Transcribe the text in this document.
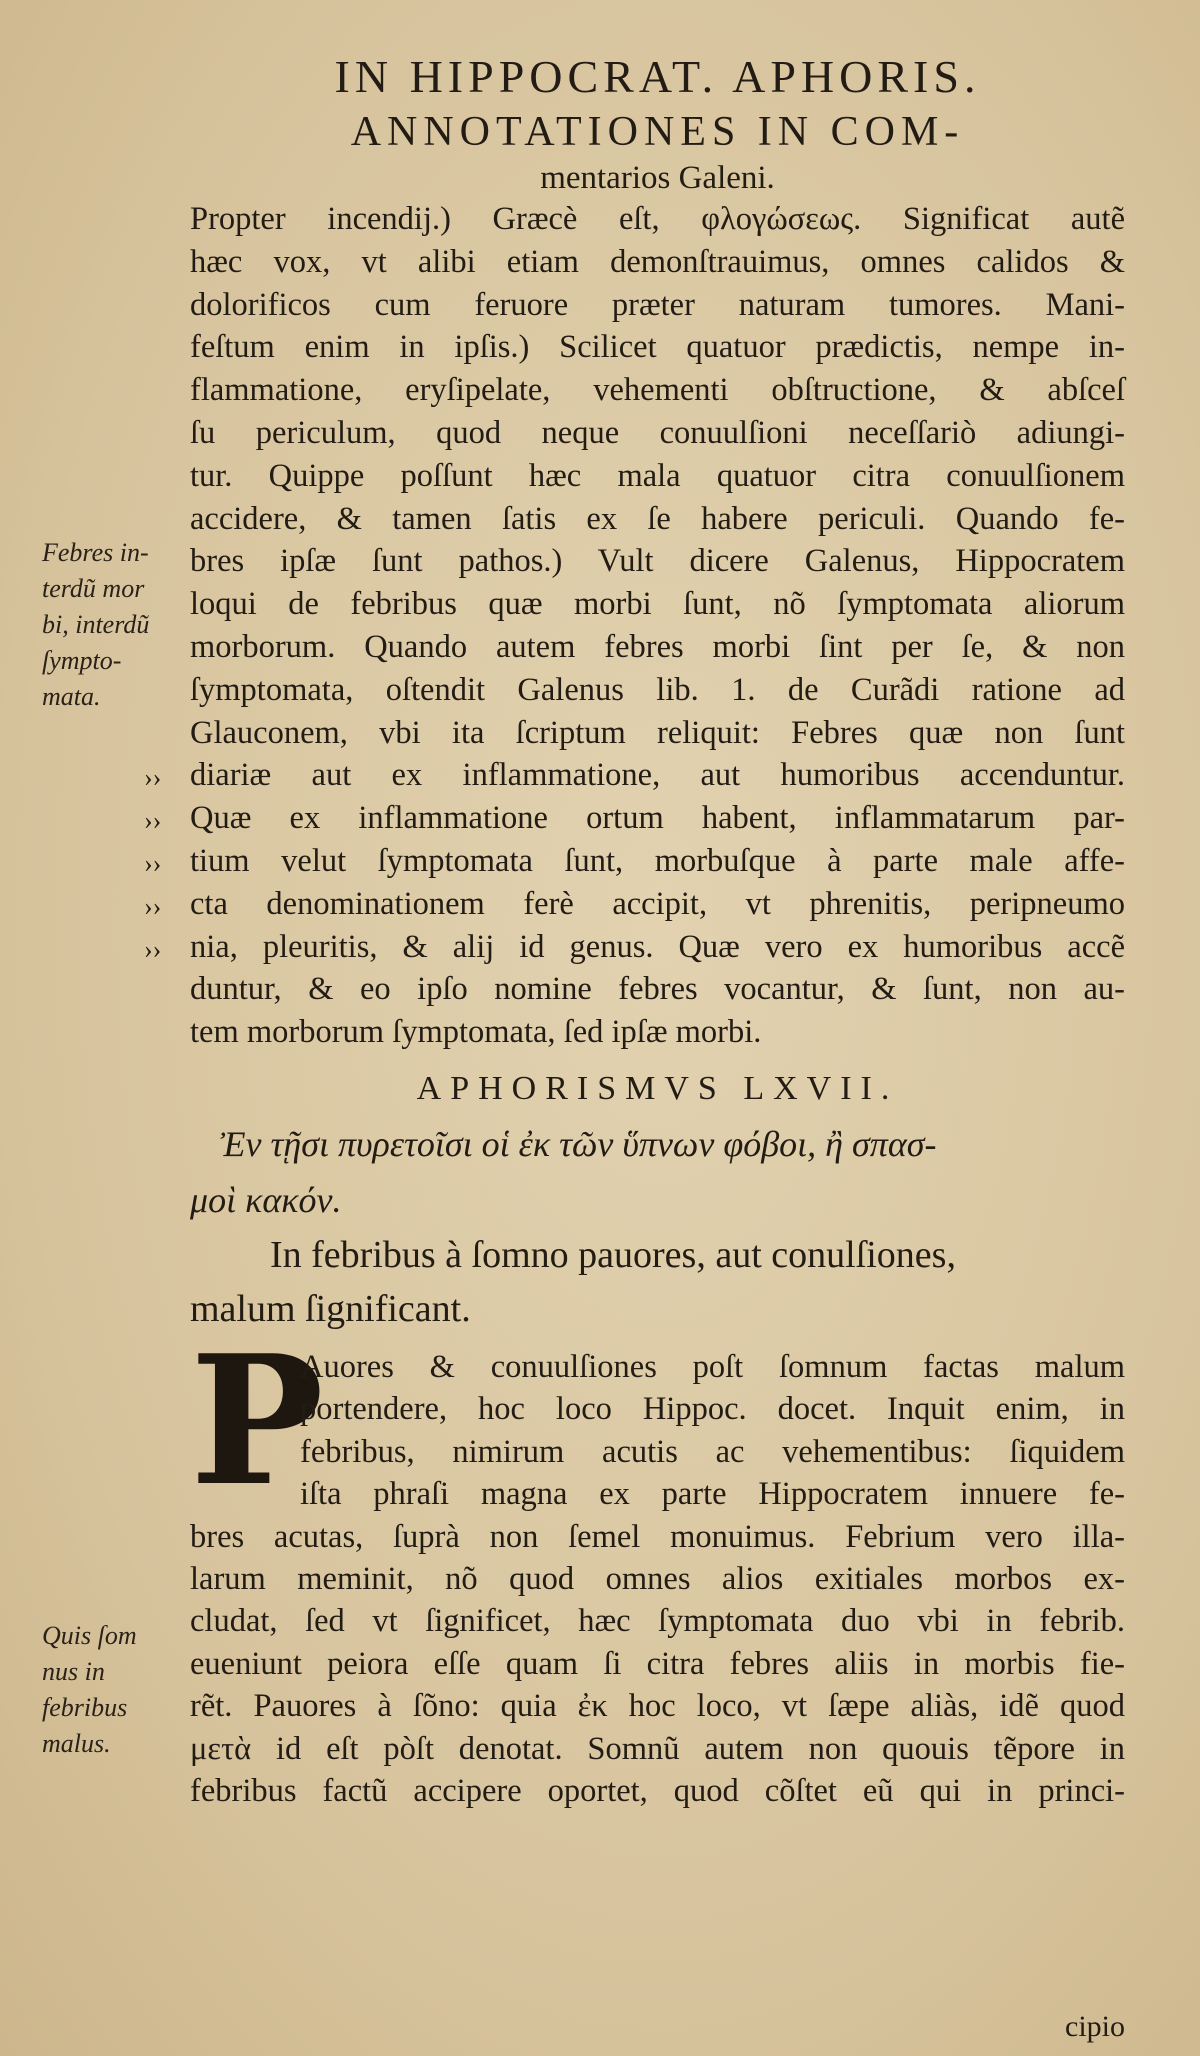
IN HIPPOCRAT. APHORIS.
ANNOTATIONES IN COM-
mentarios Galeni.
Propter incendij.) Græcè eſt, φλογώσεως. Significat autẽ
hæc vox, vt alibi etiam demonſtrauimus, omnes calidos &
dolorificos cum feruore præter naturam tumores. Mani-
feſtum enim in ipſis.) Scilicet quatuor prædictis, nempe in-
flammatione, eryſipelate, vehementi obſtructione, & abſceſ
ſu periculum, quod neque conuulſioni neceſſariò adiungi-
tur. Quippe poſſunt hæc mala quatuor citra conuulſionem
accidere, & tamen ſatis ex ſe habere periculi. Quando fe-
bres ipſæ ſunt pathos.) Vult dicere Galenus, Hippocratem
loqui de febribus quæ morbi ſunt, nõ ſymptomata aliorum
morborum. Quando autem febres morbi ſint per ſe, & non
ſymptomata, oſtendit Galenus lib. 1. de Curãdi ratione ad
Glauconem, vbi ita ſcriptum reliquit: Febres quæ non ſunt
diariæ aut ex inflammatione, aut humoribus accenduntur.
Quæ ex inflammatione ortum habent, inflammatarum par-
tium velut ſymptomata ſunt, morbuſque à parte male affe-
cta denominationem ferè accipit, vt phrenitis, peripneumo
nia, pleuritis, & alij id genus. Quæ vero ex humoribus accẽ
duntur, & eo ipſo nomine febres vocantur, & ſunt, non au-
tem morborum ſymptomata, ſed ipſæ morbi.
Febres in-
terdũ mor
bi, interdũ
ſympto-
mata.
››
››
››
››
››
APHORISMVS LXVII.
Ἐν τῇσι πυρετοῖσι οἱ ἐκ τῶν ὕπνων φόβοι, ἢ σπασ-
μοὶ κακόν.
In febribus à ſomno pauores, aut conulſiones,
malum ſignificant.
P
Auores & conuulſiones poſt ſomnum factas malum
portendere, hoc loco Hippoc. docet. Inquit enim, in
febribus, nimirum acutis ac vehementibus: ſiquidem
iſta phraſi magna ex parte Hippocratem innuere fe-
bres acutas, ſuprà non ſemel monuimus. Febrium vero illa-
larum meminit, nõ quod omnes alios exitiales morbos ex-
cludat, ſed vt ſignificet, hæc ſymptomata duo vbi in febrib.
eueniunt peiora eſſe quam ſi citra febres aliis in morbis fie-
rẽt. Pauores à ſõno: quia ἐκ hoc loco, vt ſæpe aliàs, idẽ quod
μετὰ id eſt pòſt denotat. Somnũ autem non quouis tẽpore in
febribus factũ accipere oportet, quod cõſtet eũ qui in princi-
Quis ſom
nus in
febribus
malus.
cipio
